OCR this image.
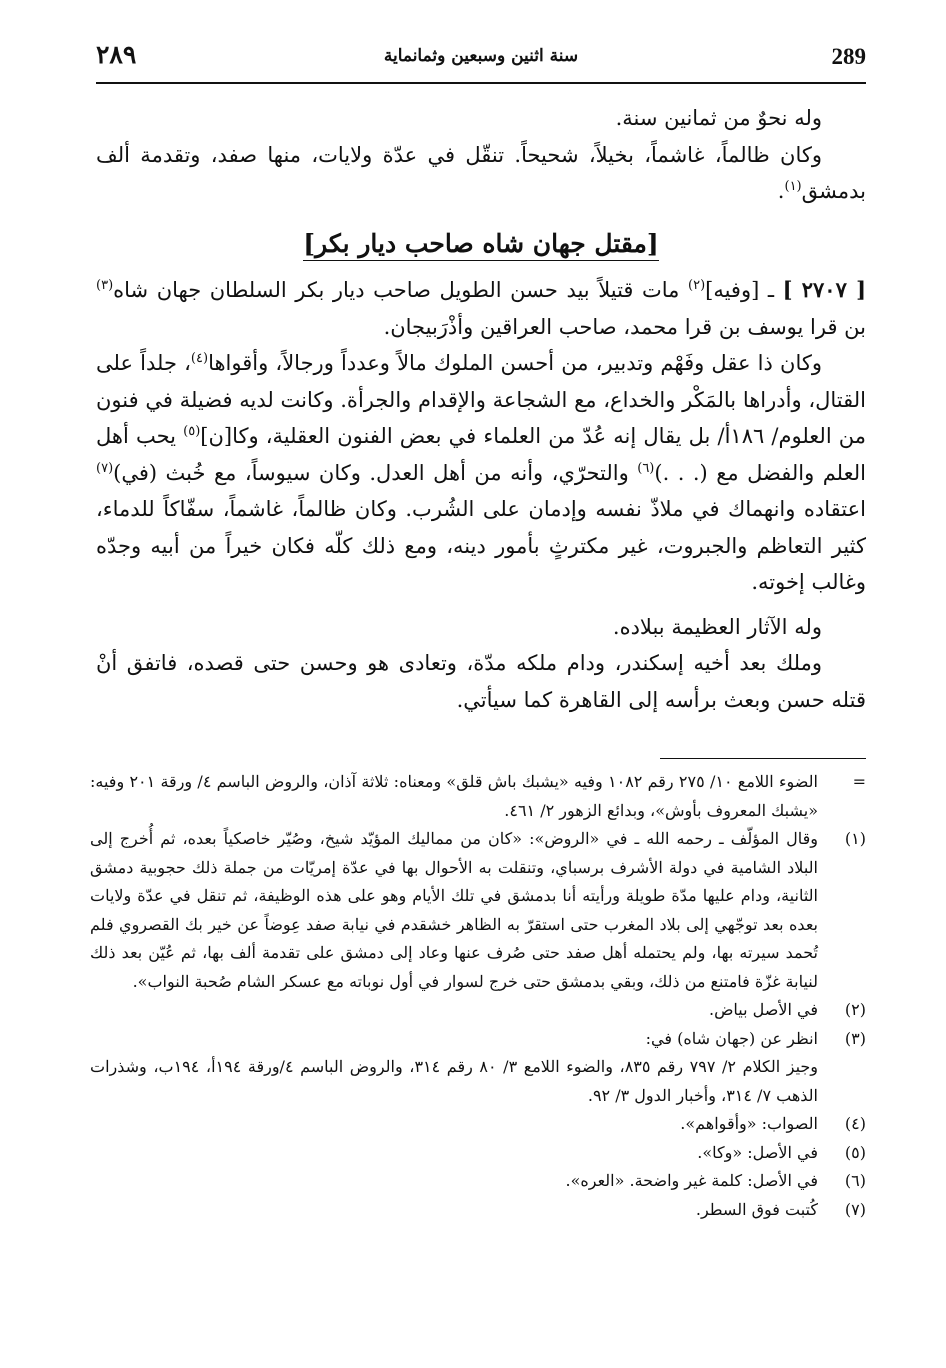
٢٨٩	سنة اثنين وسبعين وثمانماية	289

وله نحوٌ من ثمانين سنة.

وكان ظالماً، غاشماً، بخيلاً، شحيحاً. تنقّل في عدّة ولايات، منها صفد، وتقدمة ألف بدمشق$^{(١)}$.

[مقتل جهان شاه صاحب ديار بكر]

[ ٢٧٠٧ ] ـ [وفيه]$^{(٢)}$ مات قتيلاً بيد حسن الطويل صاحب ديار بكر السلطان جهان شاه$^{(٣)}$ بن قرا يوسف بن قرا محمد، صاحب العراقين وأذْرَبيجان.

وكان ذا عقل وفَهْم وتدبير، من أحسن الملوك مالاً وعدداً ورجالاً، وأقواها$^{(٤)}$، جلداً على القتال، وأدراها بالمَكْر والخداع، مع الشجاعة والإقدام والجرأة. وكانت لديه فضيلة في فنون من العلوم/ ١٨٦أ/ بل يقال إنه عُدّ من العلماء في بعض الفنون العقلية، وكا[ن]$^{(٥)}$ يحب أهل العلم والفضل مع (. . .)$^{(٦)}$ والتحرّي، وأنه من أهل العدل. وكان سيوساً، مع خُبث (في)$^{(٧)}$ اعتقاده وانهماك في ملاذّ نفسه وإدمان على الشُرب. وكان ظالماً، غاشماً، سفّاكاً للدماء، كثير التعاظم والجبروت، غير مكترثٍ بأمور دينه، ومع ذلك كلّه فكان خيراً من أبيه وجدّه وغالب إخوته.

وله الآثار العظيمة ببلاده.

وملك بعد أخيه إسكندر، ودام ملكه مدّة، وتعادى هو وحسن حتى قصده، فاتفق أنْ قتله حسن وبعث برأسه إلى القاهرة كما سيأتي.

=
الضوء اللامع ١٠/ ٢٧٥ رقم ١٠٨٢ وفيه «يشبك باش قلق» ومعناه: ثلاثة آذان، والروض الباسم ٤/ ورقة ٢٠١ وفيه: «يشبك المعروف بأوش»، وبدائع الزهور ٢/ ٤٦١.
(١)
وقال المؤلّف ـ رحمه الله ـ في «الروض»: «كان من مماليك المؤيّد شيخ، وصُيّر خاصكياً بعده، ثم أُخرج إلى البلاد الشامية في دولة الأشرف برسباي، وتنقلت به الأحوال بها في عدّة إمريّات من جملة ذلك حجوبية دمشق الثانية، ودام عليها مدّة طويلة ورأيته أنا بدمشق في تلك الأيام وهو على هذه الوظيفة، ثم تنقل في عدّة ولايات بعده بعد توجّهي إلى بلاد المغرب حتى استقرّ به الظاهر خشقدم في نيابة صفد عِوضاً عن خير بك القصروي فلم تُحمد سيرته بها، ولم يحتمله أهل صفد حتى صُرف عنها وعاد إلى دمشق على تقدمة ألف بها، ثم عُيّن بعد ذلك لنيابة غزّة فامتنع من ذلك، وبقي بدمشق حتى خرج لسوار في أول نوباته مع عسكر الشام صُحبة النواب».
(٢)
في الأصل بياض.
(٣)
انظر عن (جهان شاه) في:
وجيز الكلام ٢/ ٧٩٧ رقم ٨٣٥، والضوء اللامع ٣/ ٨٠ رقم ٣١٤، والروض الباسم ٤/ورقة ١٩٤أ، ١٩٤ب، وشذرات الذهب ٧/ ٣١٤، وأخبار الدول ٣/ ٩٢.
(٤)
الصواب: «وأقواهم».
(٥)
في الأصل: «وكا».
(٦)
في الأصل: كلمة غير واضحة. «العره».
(٧)
كُتبت فوق السطر.
